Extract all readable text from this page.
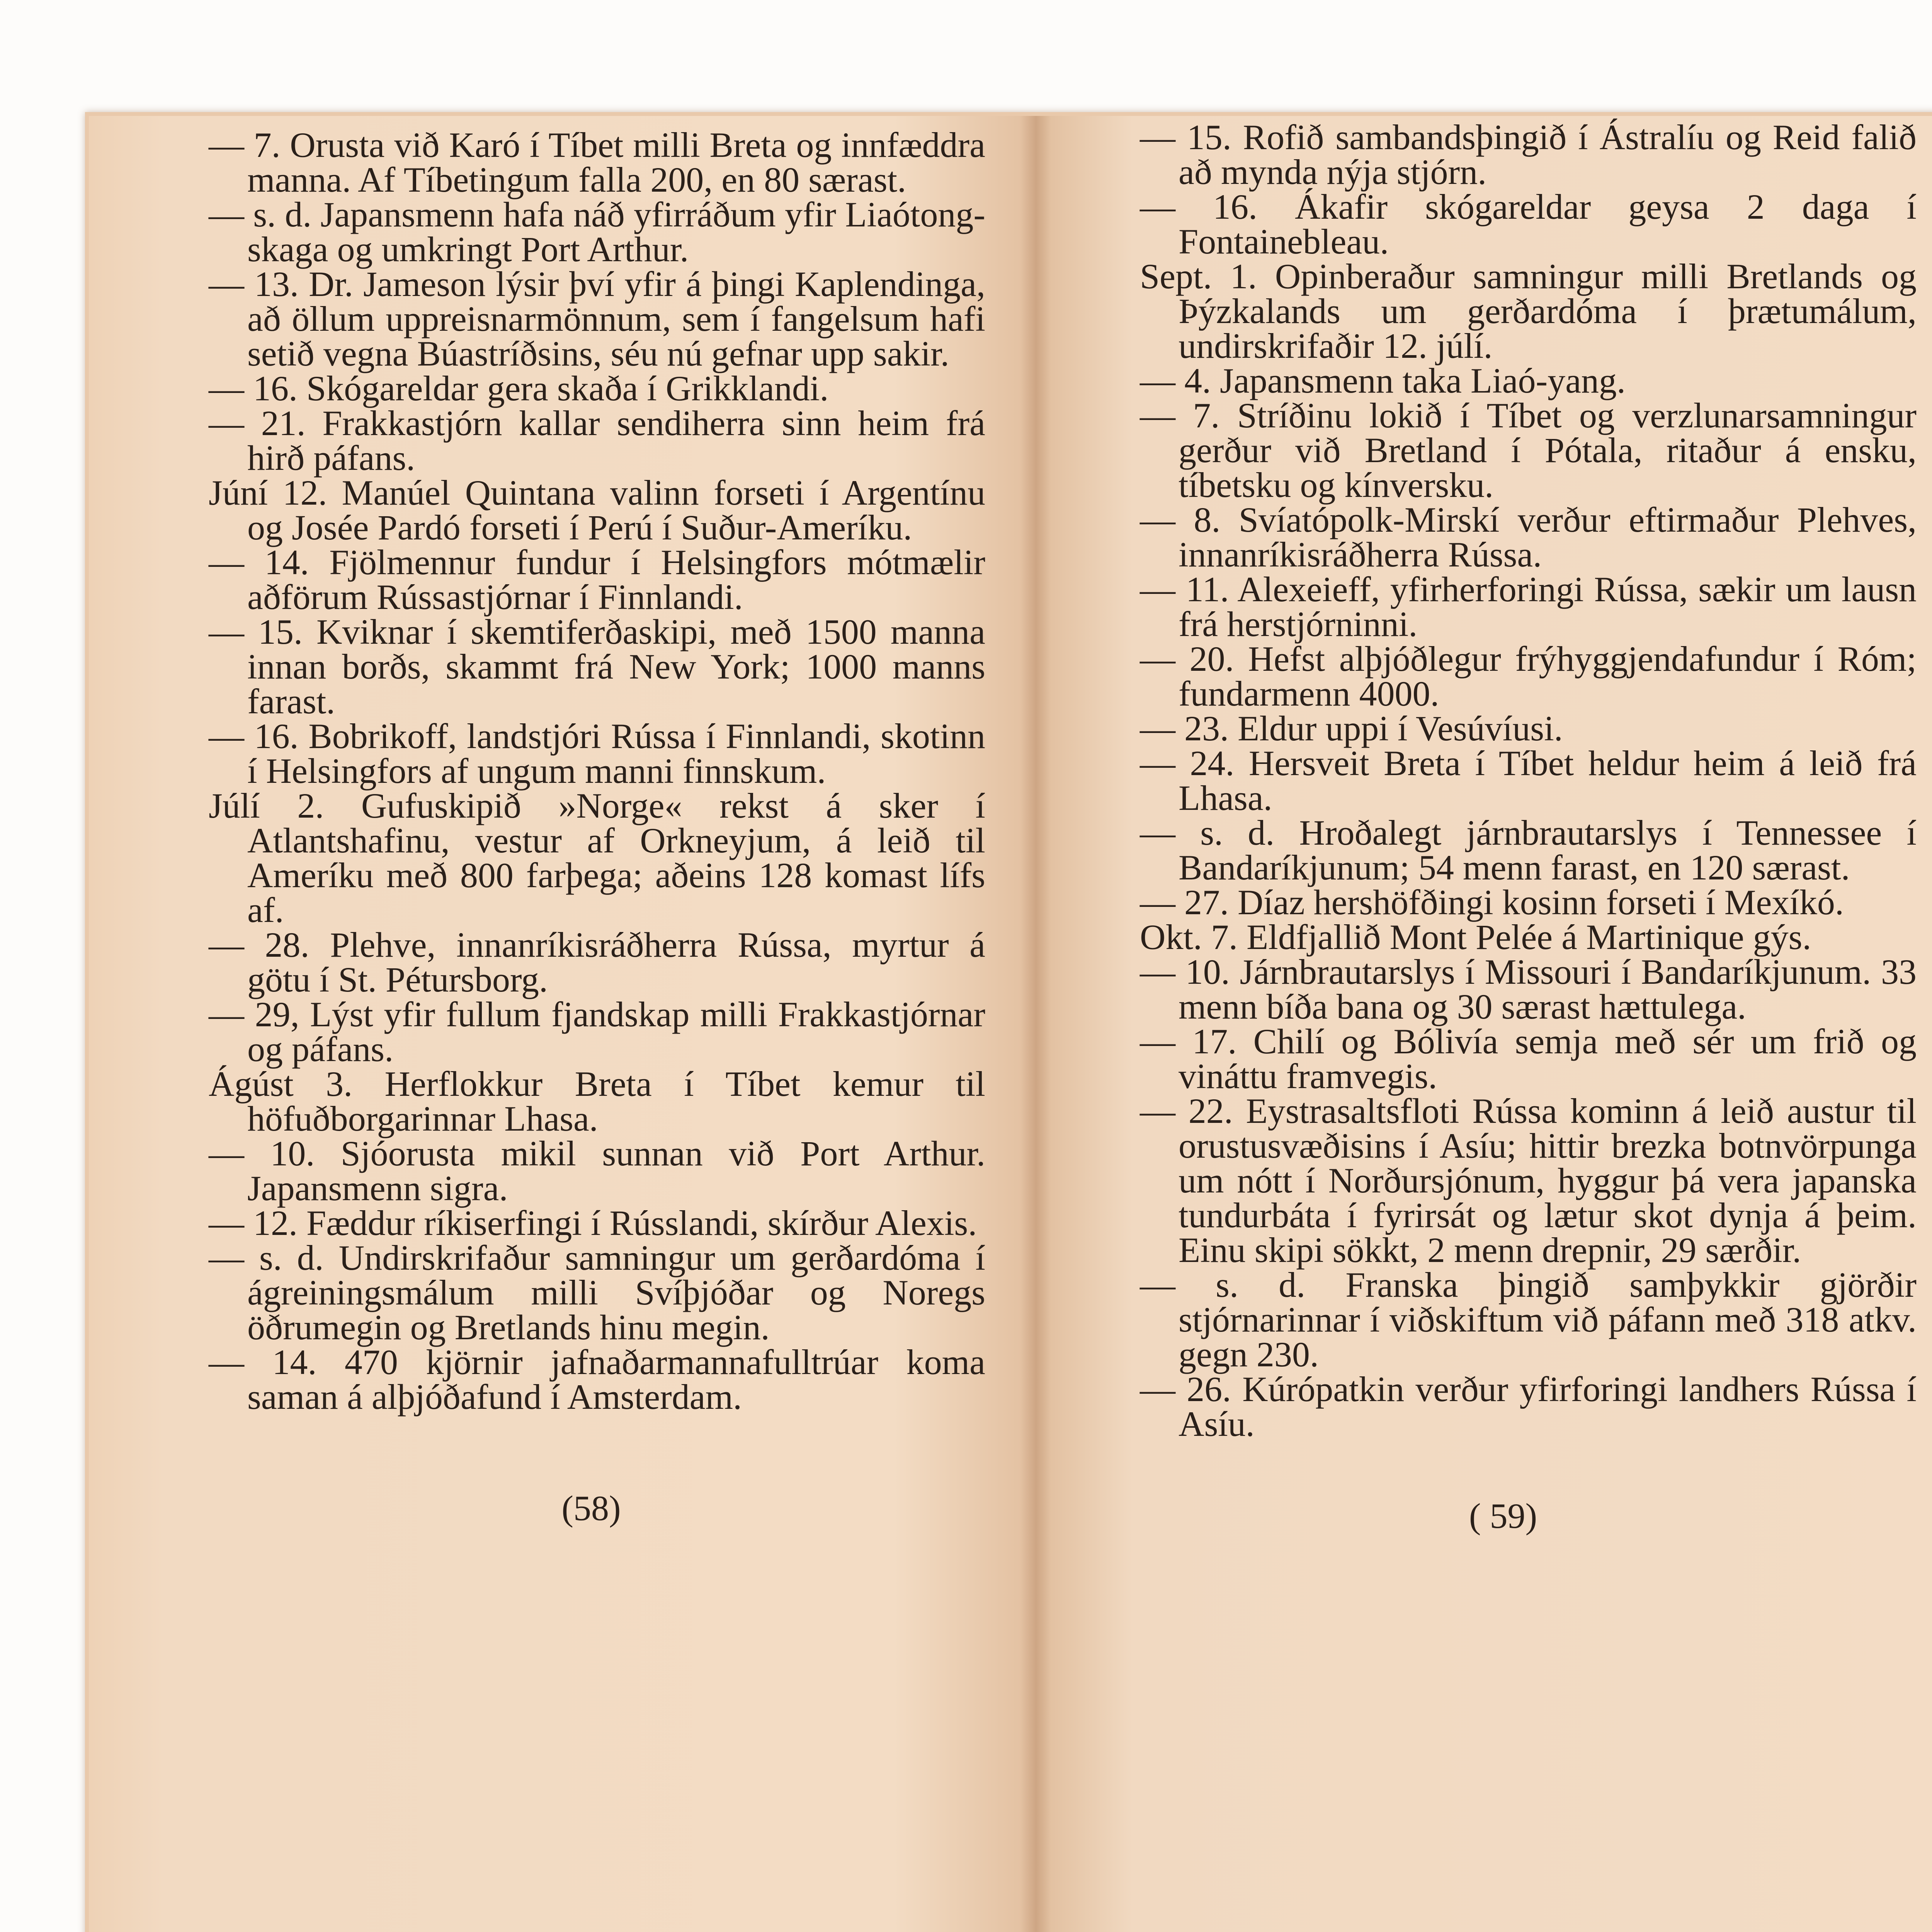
— 7. Orusta við Karó í Tíbet milli Breta og innfæddra manna. Af Tíbetingum falla 200, en 80 særast.

— s. d. Japansmenn hafa náð yfirráðum yfir Liaótong-skaga og umkringt Port Arthur.

— 13. Dr. Jameson lýsir því yfir á þingi Kaplendinga, að öllum uppreisnarmönnum, sem í fangelsum hafi setið vegna Búastríðsins, séu nú gefnar upp sakir.

— 16. Skógareldar gera skaða í Grikklandi.

— 21. Frakkastjórn kallar sendiherra sinn heim frá hirð páfans.

Júní 12. Manúel Quintana valinn forseti í Argentínu og Josée Pardó forseti í Perú í Suður-Ameríku.

— 14. Fjölmennur fundur í Helsingfors mótmælir aðförum Rússastjórnar í Finnlandi.

— 15. Kviknar í skemtiferðaskipi, með 1500 manna innan borðs, skammt frá New York; 1000 manns farast.

— 16. Bobrikoff, landstjóri Rússa í Finnlandi, skotinn í Helsingfors af ungum manni finnskum.

Júlí 2. Gufuskipið »Norge« rekst á sker í Atlantshafinu, vestur af Orkneyjum, á leið til Ameríku með 800 farþega; aðeins 128 komast lífs af.

— 28. Plehve, innanríkisráðherra Rússa, myrtur á götu í St. Pétursborg.

— 29, Lýst yfir fullum fjandskap milli Frakkastjórnar og páfans.

Ágúst 3. Herflokkur Breta í Tíbet kemur til höfuðborgarinnar Lhasa.

— 10. Sjóorusta mikil sunnan við Port Arthur. Japansmenn sigra.

— 12. Fæddur ríkiserfingi í Rússlandi, skírður Alexis.

— s. d. Undirskrifaður samningur um gerðardóma í ágreiningsmálum milli Svíþjóðar og Noregs öðrumegin og Bretlands hinu megin.

— 14. 470 kjörnir jafnaðarmannafulltrúar koma saman á alþjóðafund í Amsterdam.

(58)

— 15. Rofið sambandsþingið í Ástralíu og Reid falið að mynda nýja stjórn.

— 16. Ákafir skógareldar geysa 2 daga í Fontainebleau.

Sept. 1. Opinberaður samningur milli Bretlands og Þýzkalands um gerðardóma í þrætumálum, undirskrifaðir 12. júlí.

— 4. Japansmenn taka Liaó-yang.

— 7. Stríðinu lokið í Tíbet og verzlunarsamningur gerður við Bretland í Pótala, ritaður á ensku, tíbetsku og kínversku.

— 8. Svíatópolk-Mirskí verður eftirmaður Plehves, innanríkisráðherra Rússa.

— 11. Alexeieff, yfirherforingi Rússa, sækir um lausn frá herstjórninni.

— 20. Hefst alþjóðlegur frýhyggjendafundur í Róm; fundarmenn 4000.

— 23. Eldur uppi í Vesúvíusi.

— 24. Hersveit Breta í Tíbet heldur heim á leið frá Lhasa.

— s. d. Hroðalegt járnbrautarslys í Tennessee í Bandaríkjunum; 54 menn farast, en 120 særast.

— 27. Díaz hershöfðingi kosinn forseti í Mexíkó.

Okt. 7. Eldfjallið Mont Pelée á Martinique gýs.

— 10. Járnbrautarslys í Missouri í Bandaríkjunum. 33 menn bíða bana og 30 særast hættulega.

— 17. Chilí og Bólivía semja með sér um frið og vináttu framvegis.

— 22. Eystrasaltsfloti Rússa kominn á leið austur til orustusvæðisins í Asíu; hittir brezka botnvörpunga um nótt í Norðursjónum, hyggur þá vera japanska tundurbáta í fyrirsát og lætur skot dynja á þeim. Einu skipi sökkt, 2 menn drepnir, 29 særðir.

— s. d. Franska þingið samþykkir gjörðir stjórnarinnar í viðskiftum við páfann með 318 atkv. gegn 230.

— 26. Kúrópatkin verður yfirforingi landhers Rússa í Asíu.

( 59)
